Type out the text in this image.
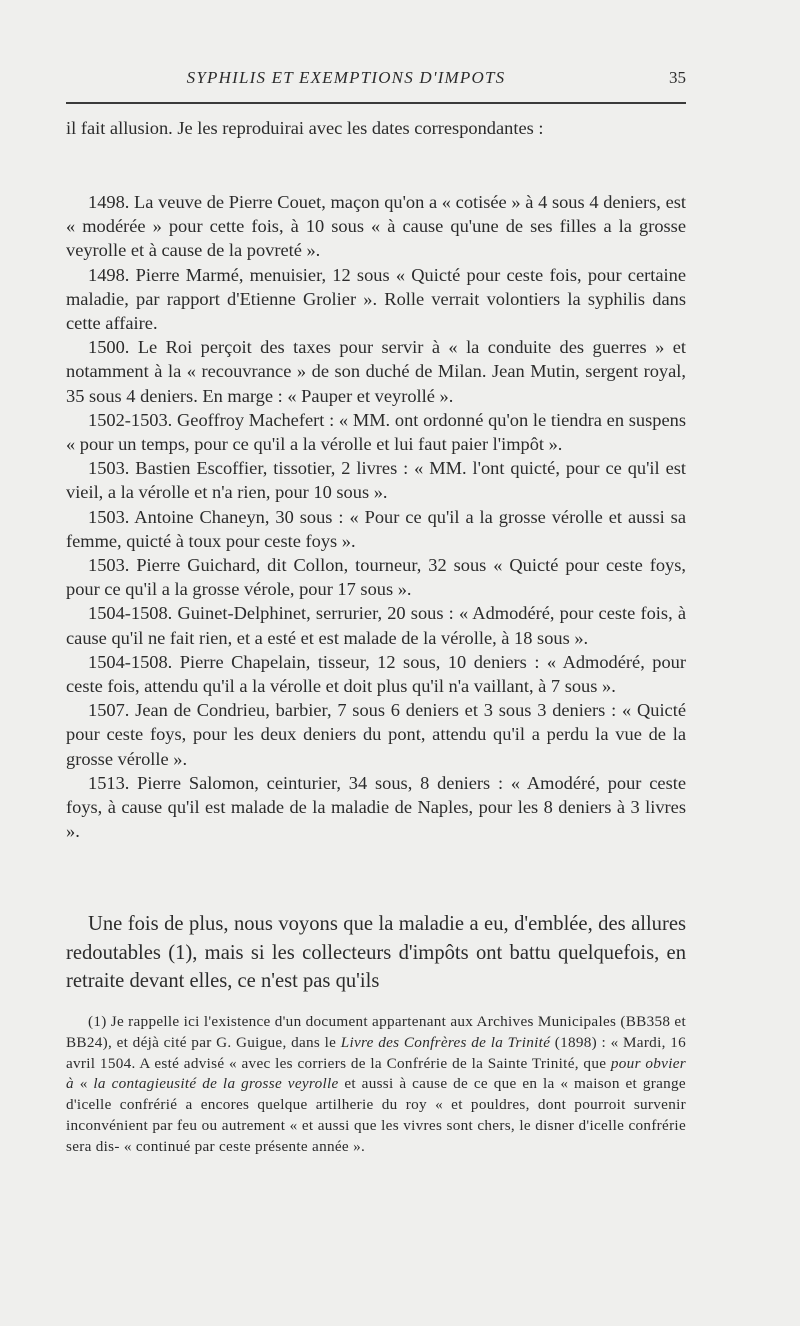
SYPHILIS ET EXEMPTIONS D'IMPOTS	35

il fait allusion. Je les reproduirai avec les dates correspondantes :

1498. La veuve de Pierre Couet, maçon qu'on a « cotisée » à 4 sous 4 deniers, est « modérée » pour cette fois, à 10 sous « à cause qu'une de ses filles a la grosse veyrolle et à cause de la povreté ».

1498. Pierre Marmé, menuisier, 12 sous « Quicté pour ceste fois, pour certaine maladie, par rapport d'Etienne Grolier ». Rolle verrait volontiers la syphilis dans cette affaire.

1500. Le Roi perçoit des taxes pour servir à « la conduite des guerres » et notamment à la « recouvrance » de son duché de Milan. Jean Mutin, sergent royal, 35 sous 4 deniers. En marge : « Pauper et veyrollé ».

1502-1503. Geoffroy Machefert : « MM. ont ordonné qu'on le tiendra en suspens « pour un temps, pour ce qu'il a la vérolle et lui faut paier l'impôt ».

1503. Bastien Escoffier, tissotier, 2 livres : « MM. l'ont quicté, pour ce qu'il est vieil, a la vérolle et n'a rien, pour 10 sous ».

1503. Antoine Chaneyn, 30 sous : « Pour ce qu'il a la grosse vérolle et aussi sa femme, quicté à toux pour ceste foys ».

1503. Pierre Guichard, dit Collon, tourneur, 32 sous « Quicté pour ceste foys, pour ce qu'il a la grosse vérole, pour 17 sous ».

1504-1508. Guinet-Delphinet, serrurier, 20 sous : « Admodéré, pour ceste fois, à cause qu'il ne fait rien, et a esté et est malade de la vérolle, à 18 sous ».

1504-1508. Pierre Chapelain, tisseur, 12 sous, 10 deniers : « Admodéré, pour ceste fois, attendu qu'il a la vérolle et doit plus qu'il n'a vaillant, à 7 sous ».

1507. Jean de Condrieu, barbier, 7 sous 6 deniers et 3 sous 3 deniers : « Quicté pour ceste foys, pour les deux deniers du pont, attendu qu'il a perdu la vue de la grosse vérolle ».

1513. Pierre Salomon, ceinturier, 34 sous, 8 deniers : « Amodéré, pour ceste foys, à cause qu'il est malade de la maladie de Naples, pour les 8 deniers à 3 livres ».

Une fois de plus, nous voyons que la maladie a eu, d'emblée, des allures redoutables (1), mais si les collecteurs d'impôts ont battu quelquefois, en retraite devant elles, ce n'est pas qu'ils

(1) Je rappelle ici l'existence d'un document appartenant aux Archives Municipales (BB358 et BB24), et déjà cité par G. Guigue, dans le Livre des Confrères de la Trinité (1898) : « Mardi, 16 avril 1504. A esté advisé « avec les corriers de la Confrérie de la Sainte Trinité, que pour obvier à « la contagieusité de la grosse veyrolle et aussi à cause de ce que en la « maison et grange d'icelle confrérié a encores quelque artilherie du roy « et pouldres, dont pourroit survenir inconvénient par feu ou autrement « et aussi que les vivres sont chers, le disner d'icelle confrérie sera dis- « continué par ceste présente année ».
